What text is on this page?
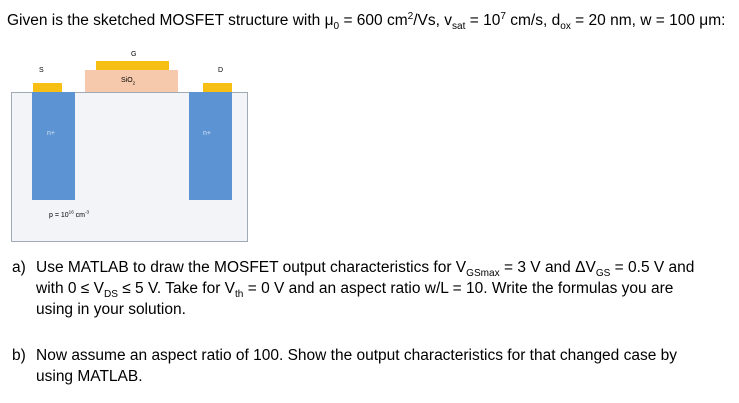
Given is the sketched MOSFET structure with $\mu_0 = 600$ $cm^2/Vs$, $v_{sat} = 10^7$ cm/s, $d_{ox} = 20$ nm, w = 100 μm:
G
S	D
SiO$_2$
n+	n+
$p = 10^{16}$ $cm^{-3}$
a) Use MATLAB to draw the MOSFET output characteristics for $V_{GSmax} = 3$ V and $\Delta V_{GS} = 0.5$ V and

with $0 \le V_{DS} \le 5$ V. Take for $V_{th} = 0$ V and an aspect ratio w/L = 10. Write the formulas you are

using in your solution.

b) Now assume an aspect ratio of 100. Show the output characteristics for that changed case by

using MATLAB.
